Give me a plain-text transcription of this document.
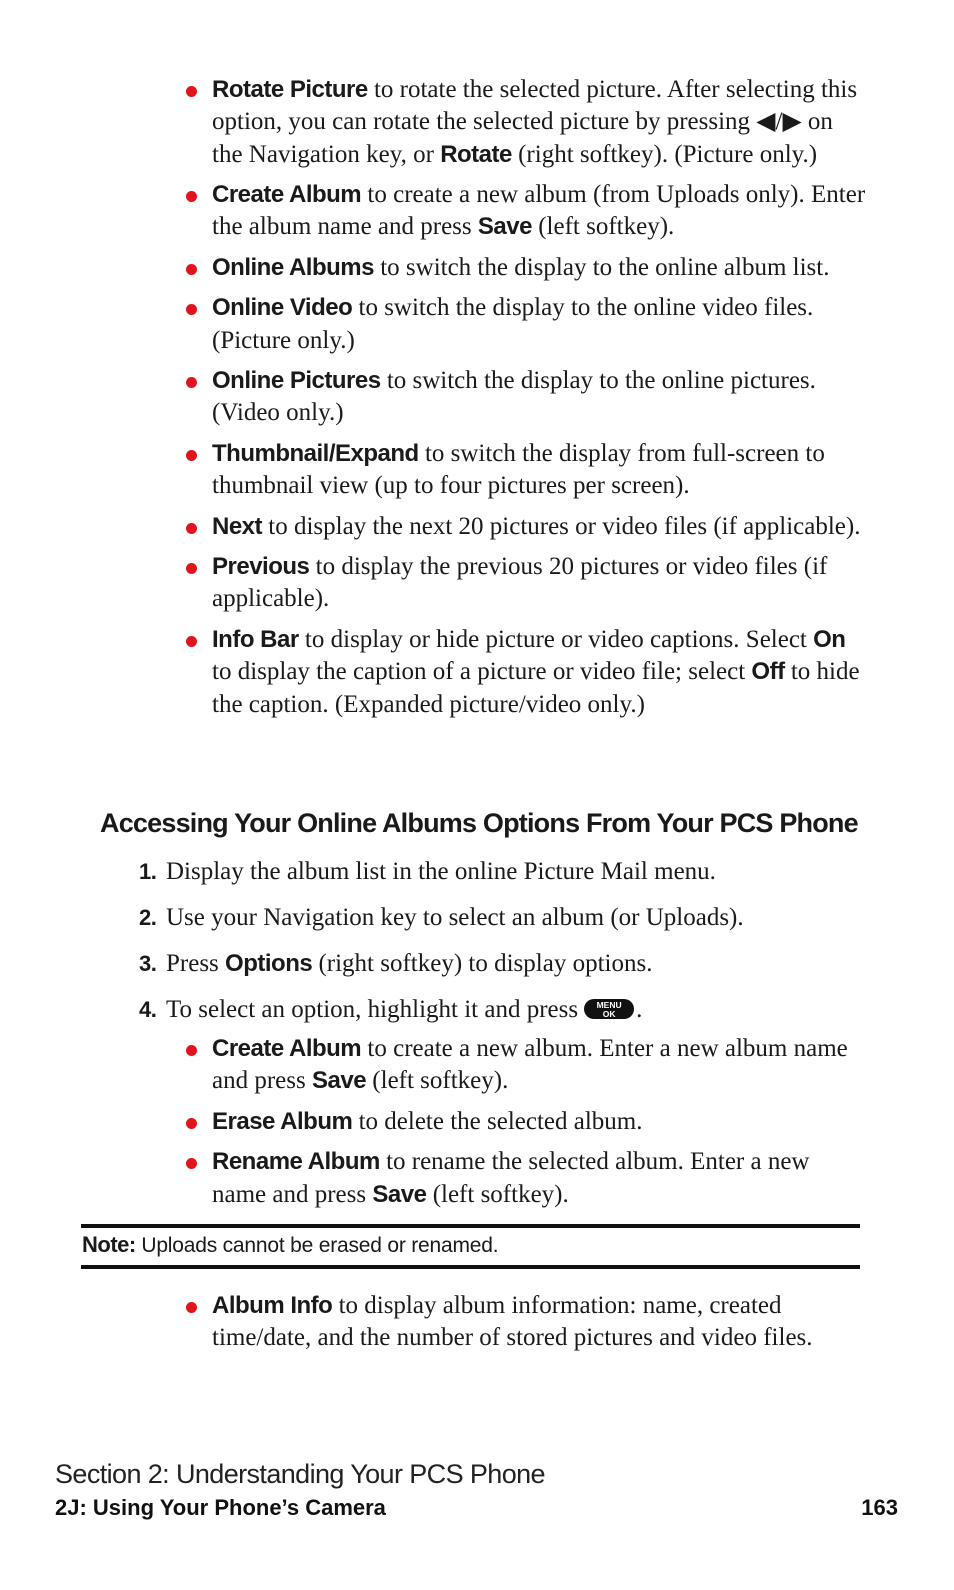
Rotate Picture to rotate the selected picture. After selecting this option, you can rotate the selected picture by pressing ◀/▶ on the Navigation key, or Rotate (right softkey). (Picture only.)
Create Album to create a new album (from Uploads only). Enter the album name and press Save (left softkey).
Online Albums to switch the display to the online album list.
Online Video to switch the display to the online video files. (Picture only.)
Online Pictures to switch the display to the online pictures. (Video only.)
Thumbnail/Expand to switch the display from full-screen to thumbnail view (up to four pictures per screen).
Next to display the next 20 pictures or video files (if applicable).
Previous to display the previous 20 pictures or video files (if applicable).
Info Bar to display or hide picture or video captions. Select On to display the caption of a picture or video file; select Off to hide the caption. (Expanded picture/video only.)
Accessing Your Online Albums Options From Your PCS Phone
1. Display the album list in the online Picture Mail menu.
2. Use your Navigation key to select an album (or Uploads).
3. Press Options (right softkey) to display options.
4. To select an option, highlight it and press MENU
OK .
Create Album to create a new album. Enter a new album name and press Save (left softkey).
Erase Album to delete the selected album.
Rename Album to rename the selected album. Enter a new name and press Save (left softkey).
Note: Uploads cannot be erased or renamed.
Album Info to display album information: name, created time/date, and the number of stored pictures and video files.
Section 2: Understanding Your PCS Phone
2J: Using Your Phone’s Camera	163
